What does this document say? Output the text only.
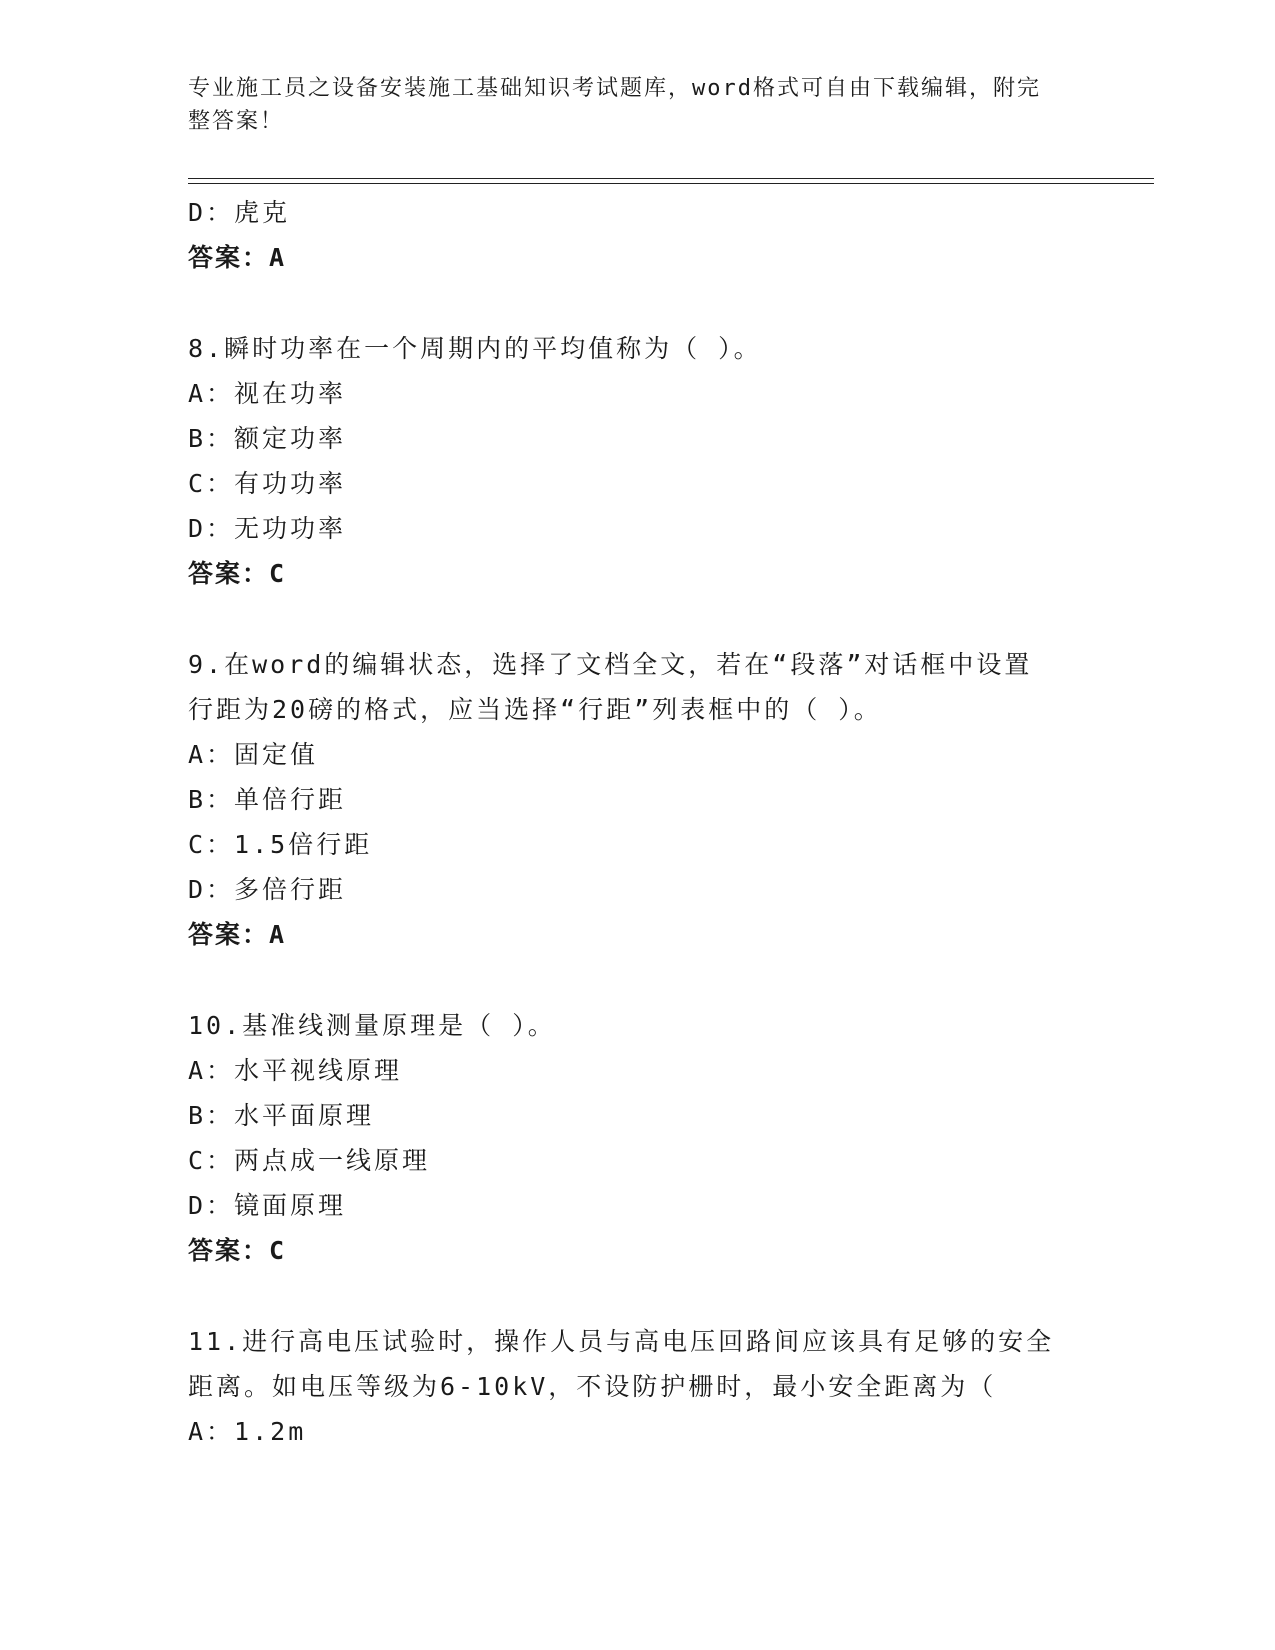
专业施工员之设备安装施工基础知识考试题库，word格式可自由下载编辑，附完
整答案！
D：虎克
答案：A
8.瞬时功率在一个周期内的平均值称为（ ）。
A：视在功率
B：额定功率
C：有功功率
D：无功功率
答案：C
9.在word的编辑状态，选择了文档全文，若在“段落”对话框中设置
行距为20磅的格式，应当选择“行距”列表框中的（ ）。
A：固定值
B：单倍行距
C：1.5倍行距
D：多倍行距
答案：A
10.基准线测量原理是（ ）。
A：水平视线原理
B：水平面原理
C：两点成一线原理
D：镜面原理
答案：C
11.进行高电压试验时，操作人员与高电压回路间应该具有足够的安全
距离。如电压等级为6-10kV，不设防护栅时，最小安全距离为（
A：1.2m
